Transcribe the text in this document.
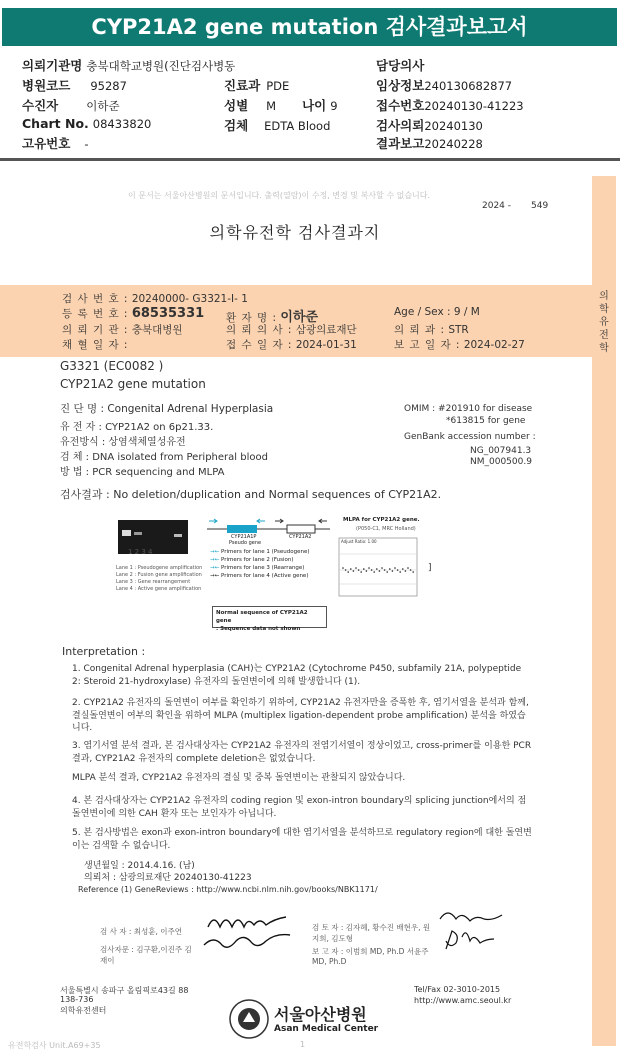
CYP21A2 gene mutation 검사결과보고서
의뢰기관명 충북대학교병원(진단검사병동
병원코드 95287
수진자 이하준
Chart No. 08433820
고유번호 -
진료과 PDE
성별 M 나이 9
검체 EDTA Blood
담당의사
임상정보240130682877
접수번호20240130-41223
검사의뢰20240130
결과보고20240228
이 문서는 서울아산병원의 문서입니다. 출력(열람)이 수정, 변경 및 복사할 수 없습니다.
2024 - 549
의학유전학 검사결과지
의 학 유 전 학
검 사 번 호 : 20240000- G3321-I- 1
등 록 번 호 : 68535331
의 뢰 기 관 : 충북대병원
채 혈 일 자 :
환 자 명 : 이하준
의 뢰 의 사 : 삼광의료재단
접 수 일 자 : 2024-01-31
Age / Sex : 9 / M
의 뢰 과 : STR
보 고 일 자 : 2024-02-27
G3321 (EC0082 )
CYP21A2 gene mutation
진 단 명 : Congenital Adrenal Hyperplasia
유 전 자 : CYP21A2 on 6p21.33.
유전방식 : 상염색체열성유전
검 체 : DNA isolated from Peripheral blood
방 법 : PCR sequencing and MLPA
OMIM : #201910 for disease
*613815 for gene
GenBank accession number :
NG_007941.3
NM_000500.9
검사결과 : No deletion/duplication and Normal sequences of CYP21A2.
1 2 3 4
Lane 1 : Pseudogene amplification
Lane 2 : Fusion gene amplification
Lane 3 : Gene rearrangement
Lane 4 : Active gene amplification
CYP21A1P
Pseudo gene
CYP21A2
→← Primers for lane 1 (Pseudogene)
→← Primers for lane 2 (Fusion)
→← Primers for lane 3 (Rearrange)
→← Primers for lane 4 (Active gene)
MLPA for CYP21A2 gene.
(P050-C1, MRC Holland)
Adjust Ratio: 1.00
]
Normal sequence of CYP21A2 gene
: Sequence data not shown
Interpretation :
1. Congenital Adrenal hyperplasia (CAH)는 CYP21A2 (Cytochrome P450, subfamily 21A, polypeptide 2: Steroid 21-hydroxylase) 유전자의 돌연변이에 의해 발생합니다 (1).
2. CYP21A2 유전자의 돌연변이 여부를 확인하기 위하여, CYP21A2 유전자만을 증폭한 후, 염기서열을 분석과 함께, 결실돌연변이 여부의 확인을 위하여 MLPA (multiplex ligation-dependent probe amplification) 분석을 하였습니다.
3. 염기서열 분석 결과, 본 검사대상자는 CYP21A2 유전자의 전염기서열이 정상이었고, cross-primer를 이용한 PCR 결과, CYP21A2 유전자의 complete deletion은 없었습니다.
MLPA 분석 결과, CYP21A2 유전자의 결실 및 중복 돌연변이는 관찰되지 않았습니다.
4. 본 검사대상자는 CYP21A2 유전자의 coding region 및 exon-intron boundary의 splicing junction에서의 점돌연변이에 의한 CAH 환자 또는 보인자가 아닙니다.
5. 본 검사방법은 exon과 exon-intron boundary에 대한 염기서열을 분석하므로 regulatory region에 대한 돌연변이는 검색할 수 없습니다.
생년월일 : 2014.4.16. (남)
의뢰처 : 삼광의료재단 20240130-41223
Reference (1) GeneReviews : http://www.ncbi.nlm.nih.gov/books/NBK1171/
검 사 자 : 최성훈, 이주연
검사자문 : 김구환,이진주 김재이
검 토 자 : 김자혜, 황수진 배현우, 원지희, 김도형
보 고 자 : 이범희 MD, Ph.D 서윤주 MD, Ph.D
서울특별시 송파구 올림픽로43길 88
138-736
의학유전센터	서울아산병원
Asan Medical Center
Tel/Fax 02-3010-2015
http://www.amc.seoul.kr
유전학검사 Unit.A69+35	1
